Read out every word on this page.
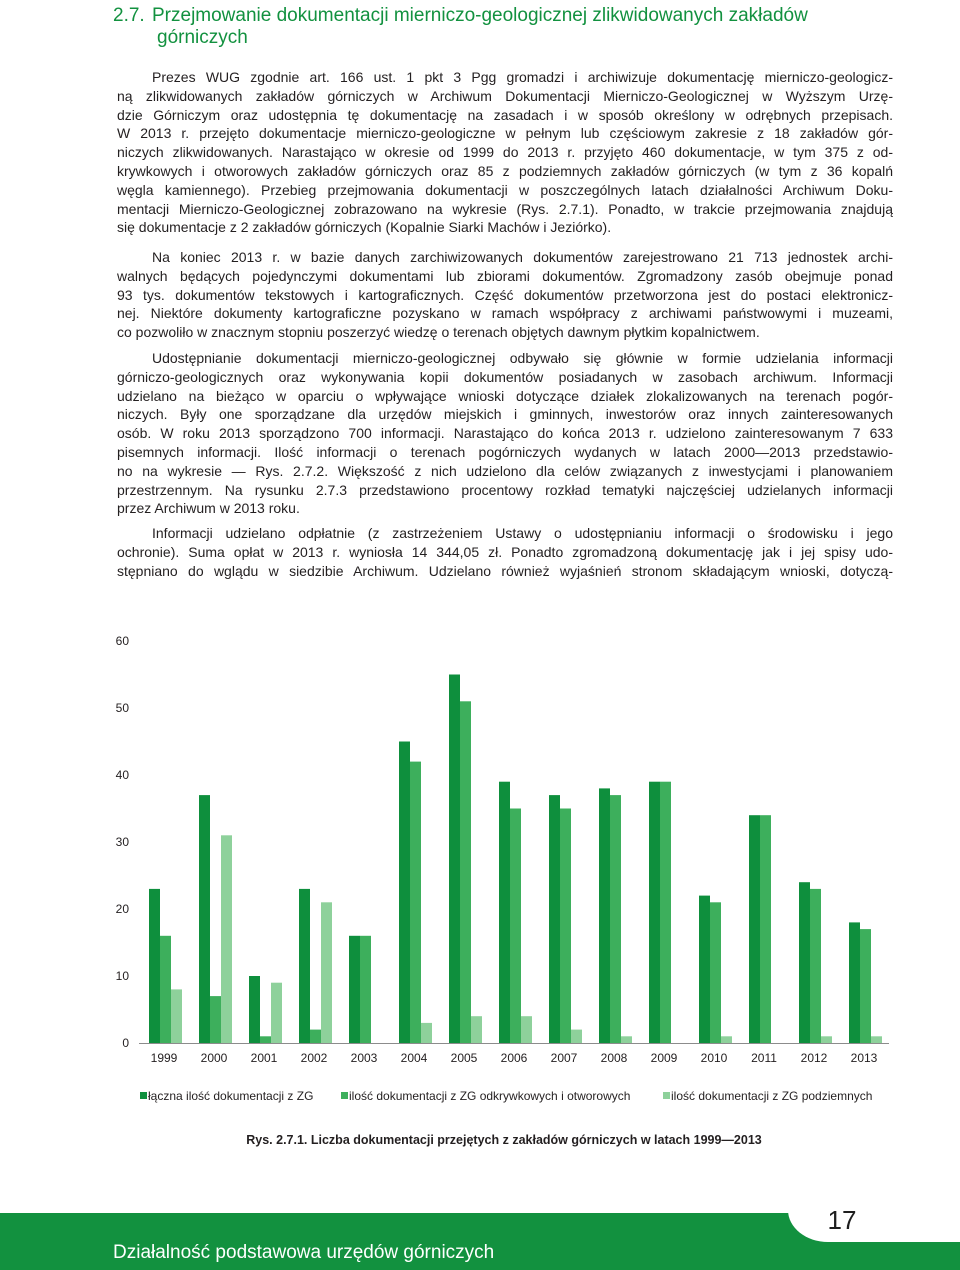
2.7. Przejmowanie dokumentacji mierniczo-geologicznej zlikwidowanych zakładów
górniczych
Prezes WUG zgodnie art. 166 ust. 1 pkt 3 Pgg gromadzi i archiwizuje dokumentację mierniczo-geologicz-
ną zlikwidowanych zakładów górniczych w Archiwum Dokumentacji Mierniczo-Geologicznej w Wyższym Urzę-
dzie Górniczym oraz udostępnia tę dokumentację na zasadach i w sposób określony w odrębnych przepisach.
W 2013 r. przejęto dokumentacje mierniczo-geologiczne w pełnym lub częściowym zakresie z 18 zakładów gór-
niczych zlikwidowanych. Narastająco w okresie od 1999 do 2013 r. przyjęto 460 dokumentacje, w tym 375 z od-
krywkowych i otworowych zakładów górniczych oraz 85 z podziemnych zakładów górniczych (w tym z 36 kopalń
węgla kamiennego). Przebieg przejmowania dokumentacji w poszczególnych latach działalności Archiwum Doku-
mentacji Mierniczo-Geologicznej zobrazowano na wykresie (Rys. 2.7.1). Ponadto, w trakcie przejmowania znajdują
się dokumentacje z 2 zakładów górniczych (Kopalnie Siarki Machów i Jeziórko).
Na koniec 2013 r. w bazie danych zarchiwizowanych dokumentów zarejestrowano 21 713 jednostek archi-
walnych będących pojedynczymi dokumentami lub zbiorami dokumentów. Zgromadzony zasób obejmuje ponad
93 tys. dokumentów tekstowych i kartograficznych. Część dokumentów przetworzona jest do postaci elektronicz-
nej. Niektóre dokumenty kartograficzne pozyskano w ramach współpracy z archiwami państwowymi i muzeami,
co pozwoliło w znacznym stopniu poszerzyć wiedzę o terenach objętych dawnym płytkim kopalnictwem.
Udostępnianie dokumentacji mierniczo-geologicznej odbywało się głównie w formie udzielania informacji
górniczo-geologicznych oraz wykonywania kopii dokumentów posiadanych w zasobach archiwum. Informacji
udzielano na bieżąco w oparciu o wpływające wnioski dotyczące działek zlokalizowanych na terenach pogór-
niczych. Były one sporządzane dla urzędów miejskich i gminnych, inwestorów oraz innych zainteresowanych
osób. W roku 2013 sporządzono 700 informacji. Narastająco do końca 2013 r. udzielono zainteresowanym 7 633
pisemnych informacji. Ilość informacji o terenach pogórniczych wydanych w latach 2000—2013 przedstawio-
no na wykresie — Rys. 2.7.2. Większość z nich udzielono dla celów związanych z inwestycjami i planowaniem
przestrzennym. Na rysunku 2.7.3 przedstawiono procentowy rozkład tematyki najczęściej udzielanych informacji
przez Archiwum w 2013 roku.
Informacji udzielano odpłatnie (z zastrzeżeniem Ustawy o udostępnianiu informacji o środowisku i jego
ochronie). Suma opłat w 2013 r. wyniosła 14 344,05 zł. Ponadto zgromadzoną dokumentację jak i jej spisy udo-
stępniano do wglądu w siedzibie Archiwum. Udzielano również wyjaśnień stronom składającym wnioski, dotyczą-
0
10
20
30
40
50
60
1999 2000 2001 2002 2003 2004 2005 2006 2007 2008 2009 2010 2011 2012 2013
łączna ilość dokumentacji z ZG	ilość dokumentacji z ZG odkrywkowych i otworowych	ilość dokumentacji z ZG podziemnych
Rys. 2.7.1. Liczba dokumentacji przejętych z zakładów górniczych w latach 1999—2013
17
Działalność podstawowa urzędów górniczych
